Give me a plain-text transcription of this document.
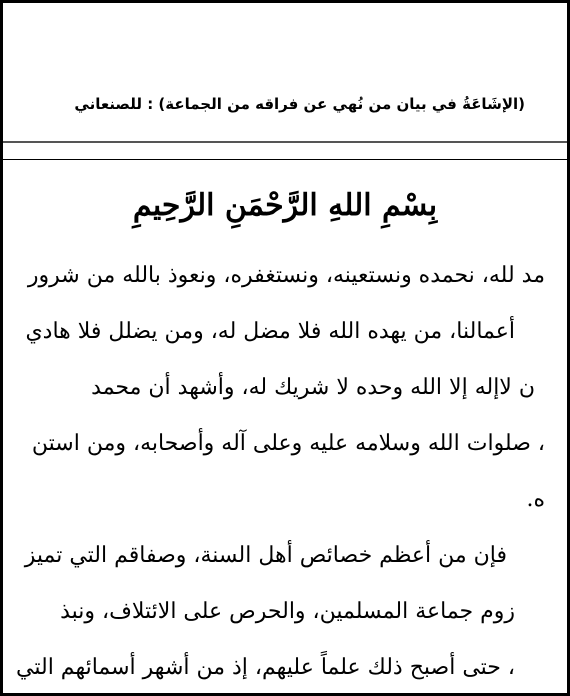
(الإشَاعَةُ في بيان من نُهي عن فراقه من الجماعة) : للصنعاني
بِسْمِ اللهِ الرَّحْمَنِ الرَّحِيمِ
مد لله، نحمده ونستعينه، ونستغفره، ونعوذ بالله من شرور
أعمالنا، من يهده الله فلا مضل له، ومن يضلل فلا هادي
ن لاإله إلا الله وحده لا شريك له، وأشهد أن محمد
، صلوات الله وسلامه عليه وعلى آله وأصحابه، ومن استن
ه.
فإن من أعظم خصائص أهل السنة، وصفاقم التي تميز
زوم جماعة المسلمين، والحرص على الائتلاف، ونبذ
، حتى أصبح ذلك علماً عليهم، إذ من أشهر أسمائهم التي
